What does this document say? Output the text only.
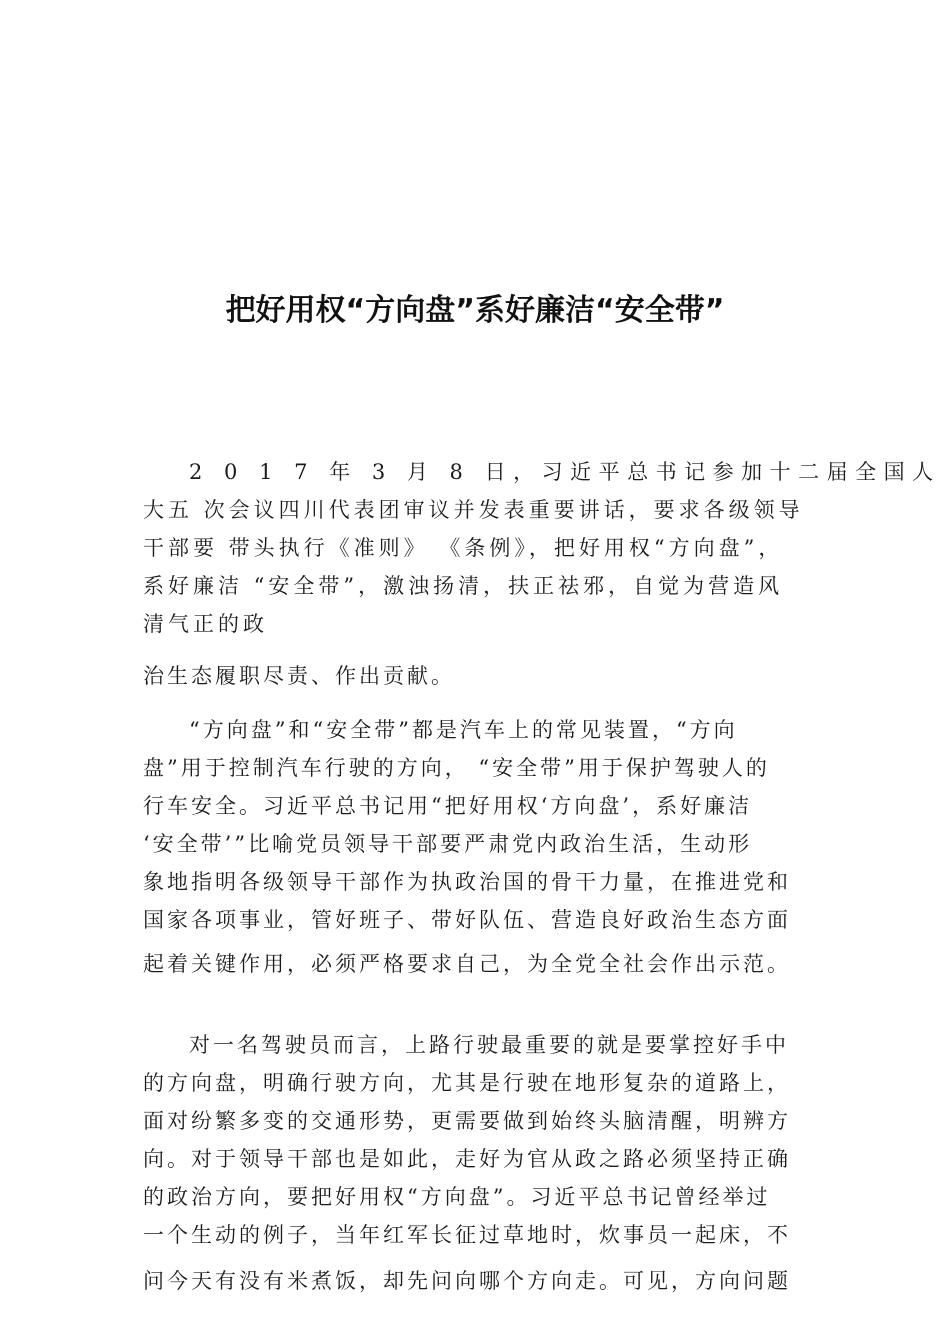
把好用权“方向盘”系好廉洁“安全带”
2 0 1 7 年 3 月 8 日，习近平总书记参加十二届全国人
大五 次会议四川代表团审议并发表重要讲话，要求各级领导
干部要 带头执行《准则》 《条例》，把好用权“方向盘”，
系好廉洁 “安全带”，激浊扬清，扶正祛邪，自觉为营造风
清气正的政
治生态履职尽责、作出贡献。
“方向盘”和“安全带”都是汽车上的常见装置，“方向
盘”用于控制汽车行驶的方向， “安全带”用于保护驾驶人的
行车安全。习近平总书记用“把好用权‘方向盘’，系好廉洁
‘安全带’”比喻党员领导干部要严肃党内政治生活，生动形
象地指明各级领导干部作为执政治国的骨干力量，在推进党和
国家各项事业，管好班子、带好队伍、营造良好政治生态方面
起着关键作用，必须严格要求自己，为全党全社会作出示范。
对一名驾驶员而言，上路行驶最重要的就是要掌控好手中
的方向盘，明确行驶方向，尤其是行驶在地形复杂的道路上，
面对纷繁多变的交通形势，更需要做到始终头脑清醒，明辨方
向。对于领导干部也是如此，走好为官从政之路必须坚持正确
的政治方向，要把好用权“方向盘”。习近平总书记曾经举过
一个生动的例子，当年红军长征过草地时，炊事员一起床，不
问今天有没有米煮饭，却先问向哪个方向走。可见，方向问题
